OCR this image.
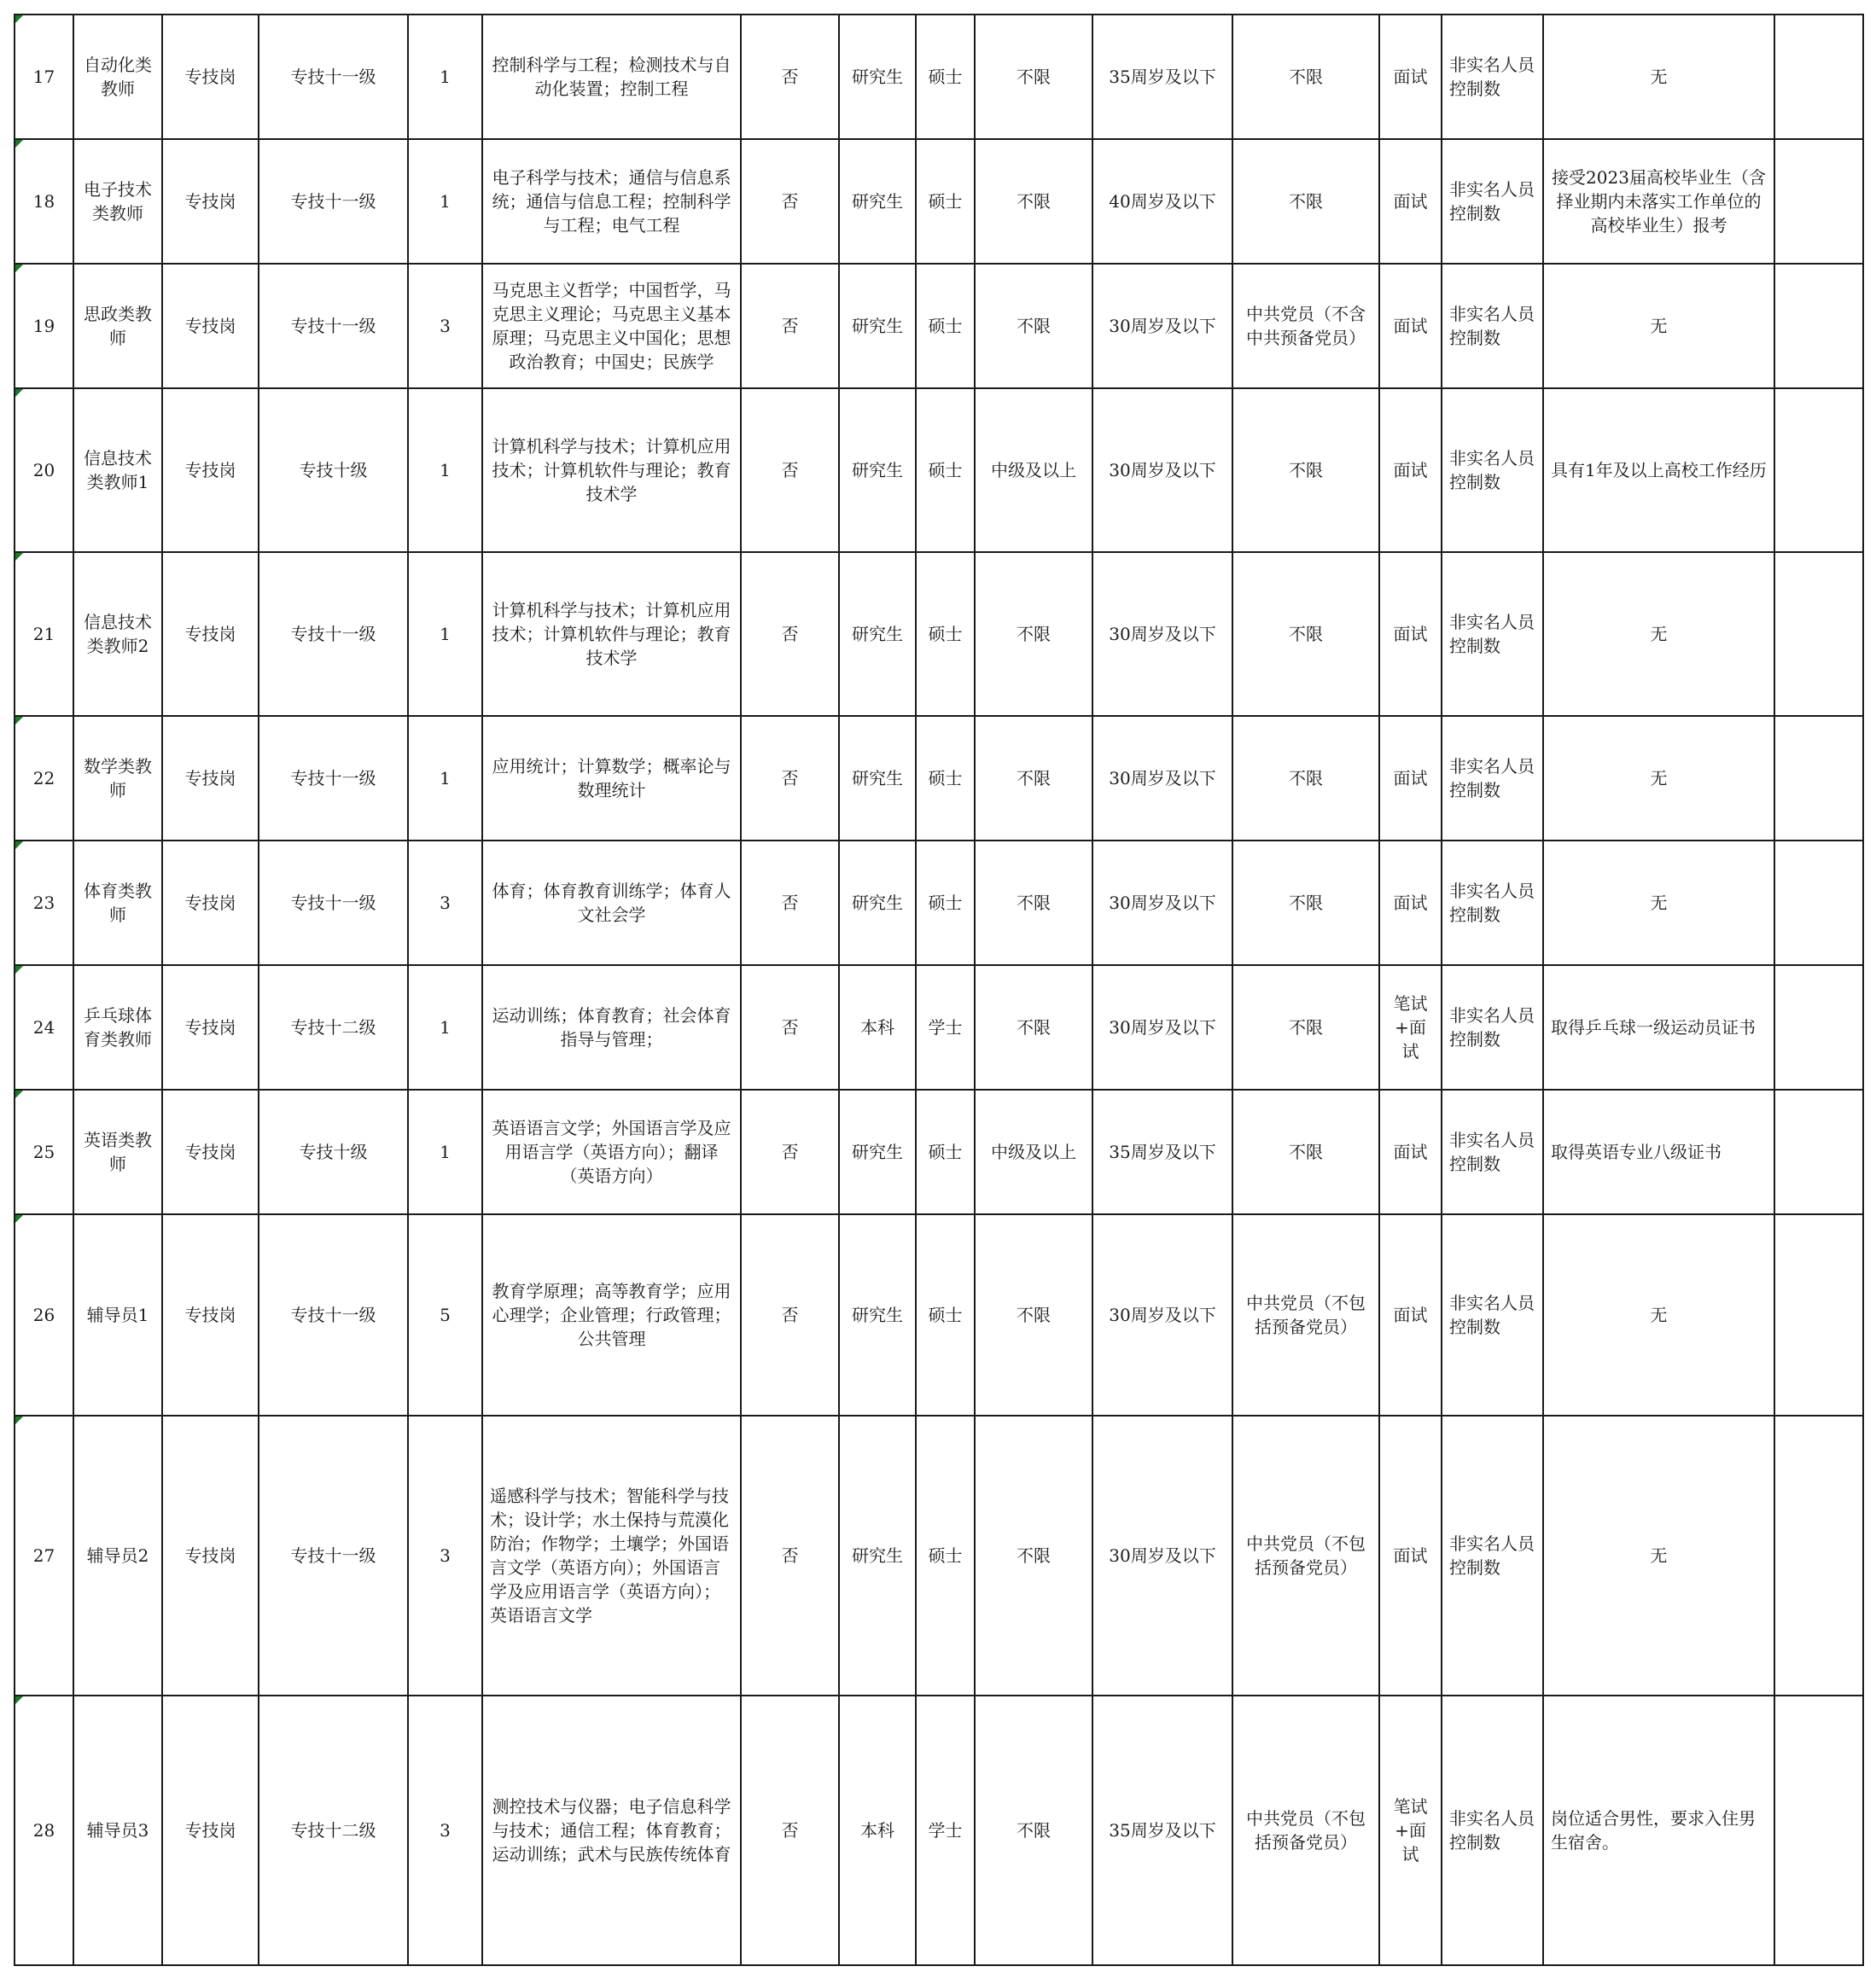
17	自动化类教师	专技岗	专技十一级	1	控制科学与工程；检测技术与自动化装置；控制工程	否	研究生	硕士	不限	35周岁及以下	不限	面试	非实名人员控制数	无	
18	电子技术类教师	专技岗	专技十一级	1	电子科学与技术；通信与信息系统；通信与信息工程；控制科学与工程；电气工程	否	研究生	硕士	不限	40周岁及以下	不限	面试	非实名人员控制数	接受2023届高校毕业生（含择业期内未落实工作单位的高校毕业生）报考	
19	思政类教师	专技岗	专技十一级	3	马克思主义哲学；中国哲学，马克思主义理论；马克思主义基本原理；马克思主义中国化；思想政治教育；中国史；民族学	否	研究生	硕士	不限	30周岁及以下	中共党员（不含中共预备党员）	面试	非实名人员控制数	无	
20	信息技术类教师1	专技岗	专技十级	1	计算机科学与技术；计算机应用技术；计算机软件与理论；教育技术学	否	研究生	硕士	中级及以上	30周岁及以下	不限	面试	非实名人员控制数	具有1年及以上高校工作经历	
21	信息技术类教师2	专技岗	专技十一级	1	计算机科学与技术；计算机应用技术；计算机软件与理论；教育技术学	否	研究生	硕士	不限	30周岁及以下	不限	面试	非实名人员控制数	无	
22	数学类教师	专技岗	专技十一级	1	应用统计；计算数学；概率论与数理统计	否	研究生	硕士	不限	30周岁及以下	不限	面试	非实名人员控制数	无	
23	体育类教师	专技岗	专技十一级	3	体育；体育教育训练学；体育人文社会学	否	研究生	硕士	不限	30周岁及以下	不限	面试	非实名人员控制数	无	
24	乒乓球体育类教师	专技岗	专技十二级	1	运动训练；体育教育；社会体育指导与管理；	否	本科	学士	不限	30周岁及以下	不限	笔试+面试	非实名人员控制数	取得乒乓球一级运动员证书	
25	英语类教师	专技岗	专技十级	1	英语语言文学；外国语言学及应用语言学（英语方向）；翻译（英语方向）	否	研究生	硕士	中级及以上	35周岁及以下	不限	面试	非实名人员控制数	取得英语专业八级证书	
26	辅导员1	专技岗	专技十一级	5	教育学原理；高等教育学；应用心理学；企业管理；行政管理；公共管理	否	研究生	硕士	不限	30周岁及以下	中共党员（不包括预备党员）	面试	非实名人员控制数	无	
27	辅导员2	专技岗	专技十一级	3	遥感科学与技术；智能科学与技术；设计学；水土保持与荒漠化防治；作物学；土壤学；外国语言文学（英语方向）；外国语言学及应用语言学（英语方向）；英语语言文学	否	研究生	硕士	不限	30周岁及以下	中共党员（不包括预备党员）	面试	非实名人员控制数	无	
28	辅导员3	专技岗	专技十二级	3	测控技术与仪器；电子信息科学与技术；通信工程；体育教育；运动训练；武术与民族传统体育	否	本科	学士	不限	35周岁及以下	中共党员（不包括预备党员）	笔试+面试	非实名人员控制数	岗位适合男性，要求入住男生宿舍。	
